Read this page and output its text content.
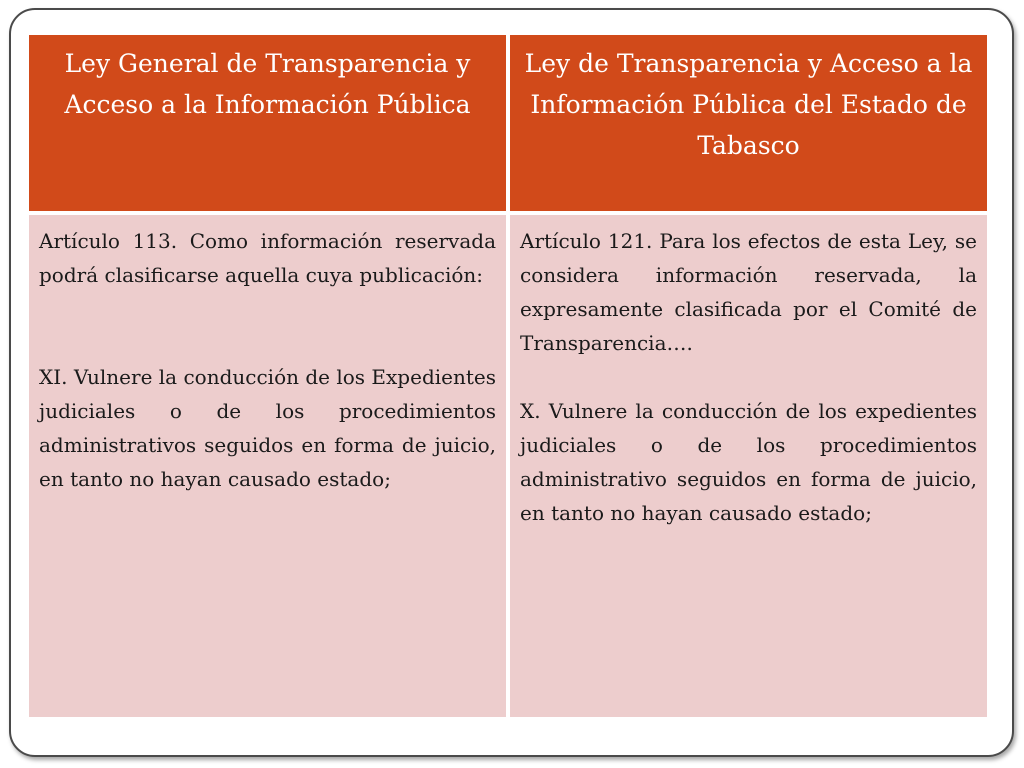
Ley General de Transparencia y Acceso a la Información Pública
Ley de Transparencia y Acceso a la Información Pública del Estado de Tabasco

Artículo 113. Como información reservada podrá clasificarse aquella cuya publicación:

XI. Vulnere la conducción de los Expedientes judiciales o de los procedimientos administrativos seguidos en forma de juicio, en tanto no hayan causado estado;

Artículo 121. Para los efectos de esta Ley, se considera información reservada, la expresamente clasificada por el Comité de Transparencia….

X. Vulnere la conducción de los expedientes judiciales o de los procedimientos administrativo seguidos en forma de juicio, en tanto no hayan causado estado;
